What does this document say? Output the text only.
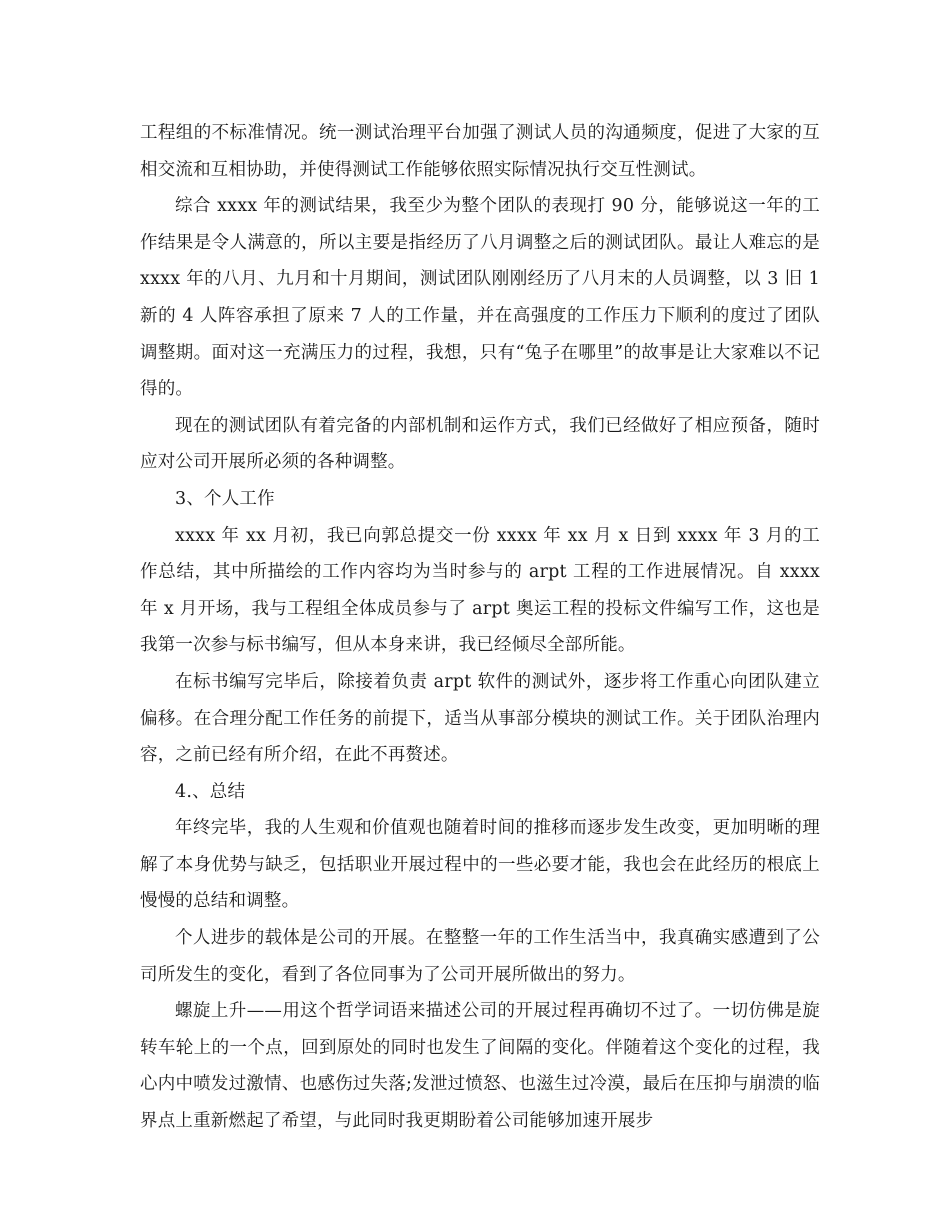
工程组的不标准情况。统一测试治理平台加强了测试人员的沟通频度，促进了大家的互相交流和互相协助，并使得测试工作能够依照实际情况执行交互性测试。

综合 xxxx 年的测试结果，我至少为整个团队的表现打 90 分，能够说这一年的工作结果是令人满意的，所以主要是指经历了八月调整之后的测试团队。最让人难忘的是 xxxx 年的八月、九月和十月期间，测试团队刚刚经历了八月末的人员调整，以 3 旧 1 新的 4 人阵容承担了原来 7 人的工作量，并在高强度的工作压力下顺利的度过了团队调整期。面对这一充满压力的过程，我想，只有“兔子在哪里”的故事是让大家难以不记得的。

现在的测试团队有着完备的内部机制和运作方式，我们已经做好了相应预备，随时应对公司开展所必须的各种调整。

3、个人工作

xxxx 年 xx 月初，我已向郭总提交一份 xxxx 年 xx 月 x 日到 xxxx 年 3 月的工作总结，其中所描绘的工作内容均为当时参与的 arpt 工程的工作进展情况。自 xxxx 年 x 月开场，我与工程组全体成员参与了 arpt 奥运工程的投标文件编写工作，这也是我第一次参与标书编写，但从本身来讲，我已经倾尽全部所能。

在标书编写完毕后，除接着负责 arpt 软件的测试外，逐步将工作重心向团队建立偏移。在合理分配工作任务的前提下，适当从事部分模块的测试工作。关于团队治理内容，之前已经有所介绍，在此不再赘述。

4.、总结

年终完毕，我的人生观和价值观也随着时间的推移而逐步发生改变，更加明晰的理解了本身优势与缺乏，包括职业开展过程中的一些必要才能，我也会在此经历的根底上慢慢的总结和调整。

个人进步的载体是公司的开展。在整整一年的工作生活当中，我真确实感遭到了公司所发生的变化，看到了各位同事为了公司开展所做出的努力。

螺旋上升——用这个哲学词语来描述公司的开展过程再确切不过了。一切仿佛是旋转车轮上的一个点，回到原处的同时也发生了间隔的变化。伴随着这个变化的过程，我心内中喷发过激情、也感伤过失落;发泄过愤怒、也滋生过冷漠，最后在压抑与崩溃的临界点上重新燃起了希望，与此同时我更期盼着公司能够加速开展步
